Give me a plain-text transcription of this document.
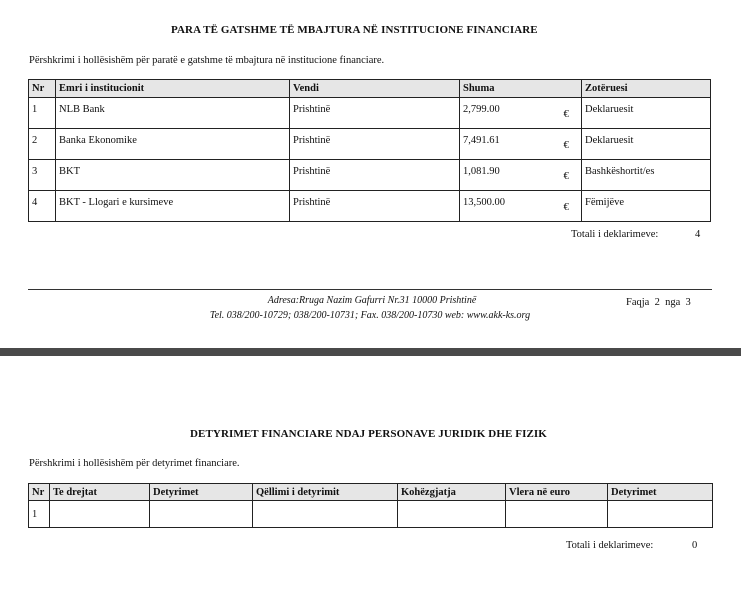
PARA TË GATSHME TË MBAJTURA NË INSTITUCIONE FINANCIARE
Përshkrimi i hollësishëm për paratë e gatshme të mbajtura në institucione financiare.
Nr	Emri i institucionit	Vendi	Shuma	Zotëruesi
1	NLB Bank	Prishtinë	2,799.00 €	Deklaruesit
2	Banka Ekonomike	Prishtinë	7,491.61 €	Deklaruesit
3	BKT	Prishtinë	1,081.90 €	Bashkëshortit/es
4	BKT - Llogari e kursimeve	Prishtinë	13,500.00 €	Fëmijëve
Totali i deklarimeve:	4
Adresa:Rruga Nazim Gafurri Nr.31 10000 Prishtinë
Tel. 038/200-10729; 038/200-10731; Fax. 038/200-10730 web: www.akk-ks.org
Faqja 2 nga 3
DETYRIMET FINANCIARE NDAJ PERSONAVE JURIDIK DHE FIZIK
Përshkrimi i hollësishëm për detyrimet financiare.
Nr	Te drejtat	Detyrimet	Qëllimi i detyrimit	Kohëzgjatja	Vlera në euro	Detyrimet
1						
Totali i deklarimeve:	0
